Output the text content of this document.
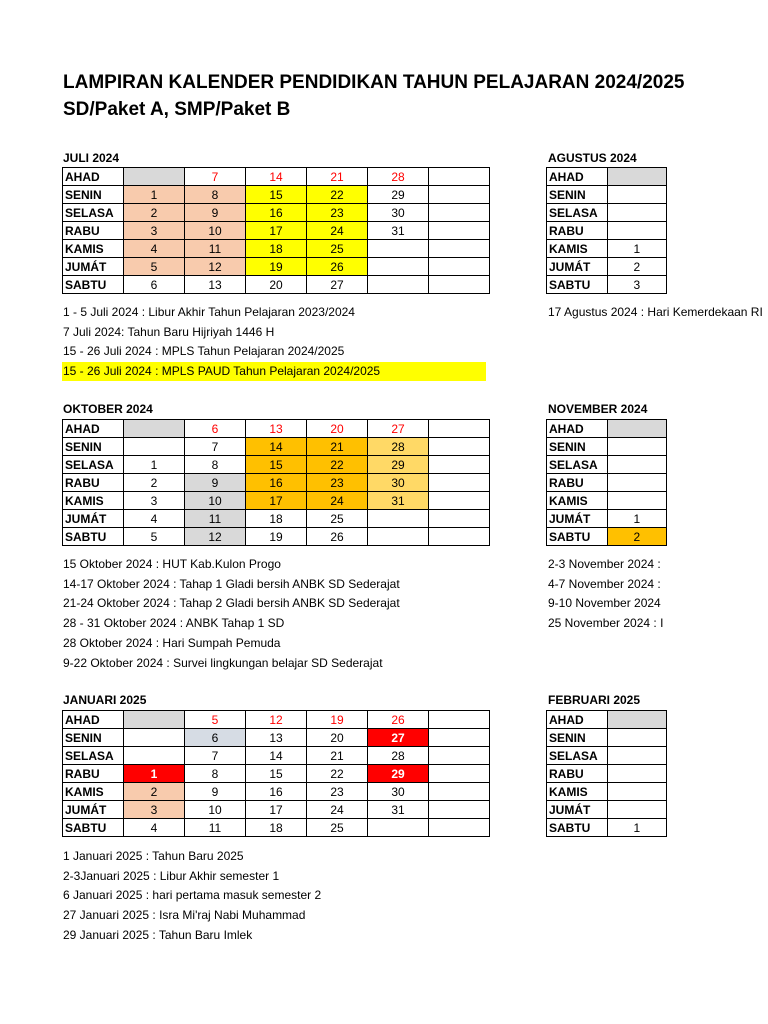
LAMPIRAN KALENDER PENDIDIKAN TAHUN PELAJARAN 2024/2025
SD/Paket A, SMP/Paket B
JULI 2024
AHAD		7	14	21	28	
SENIN	1	8	15	22	29	
SELASA	2	9	16	23	30	
RABU	3	10	17	24	31	
KAMIS	4	11	18	25		
JUMÁT	5	12	19	26		
SABTU	6	13	20	27		
1 - 5 Juli 2024 : Libur Akhir Tahun Pelajaran 2023/2024
7 Juli 2024: Tahun Baru Hijriyah 1446 H
15 - 26 Juli 2024 : MPLS Tahun Pelajaran 2024/2025
15 - 26 Juli 2024 : MPLS PAUD Tahun Pelajaran 2024/2025
AGUSTUS 2024
AHAD	
SENIN	
SELASA	
RABU	
KAMIS	1
JUMÁT	2
SABTU	3
17 Agustus 2024 : Hari Kemerdekaan RI
OKTOBER 2024
AHAD		6	13	20	27	
SENIN		7	14	21	28	
SELASA	1	8	15	22	29	
RABU	2	9	16	23	30	
KAMIS	3	10	17	24	31	
JUMÁT	4	11	18	25		
SABTU	5	12	19	26		
15 Oktober 2024 : HUT Kab.Kulon Progo
14-17 Oktober 2024 : Tahap 1 Gladi bersih ANBK SD Sederajat
21-24 Oktober 2024 : Tahap 2 Gladi bersih ANBK SD Sederajat
28 - 31 Oktober 2024 : ANBK Tahap 1 SD
28 Oktober 2024 : Hari Sumpah Pemuda
9-22 Oktober 2024 : Survei lingkungan belajar SD Sederajat
NOVEMBER 2024
AHAD	
SENIN	
SELASA	
RABU	
KAMIS	
JUMÁT	1
SABTU	2
2-3 November 2024 :
4-7 November 2024 :
9-10 November 2024
25 November 2024 : I
JANUARI 2025
AHAD		5	12	19	26	
SENIN		6	13	20	27	
SELASA		7	14	21	28	
RABU	1	8	15	22	29	
KAMIS	2	9	16	23	30	
JUMÁT	3	10	17	24	31	
SABTU	4	11	18	25		
1 Januari 2025 : Tahun Baru 2025
2-3Januari 2025 : Libur Akhir semester 1
6 Januari 2025 : hari pertama masuk semester 2
27 Januari 2025 : Isra Mi'raj Nabi Muhammad
29 Januari 2025 : Tahun Baru Imlek
FEBRUARI 2025
AHAD	
SENIN	
SELASA	
RABU	
KAMIS	
JUMÁT	
SABTU	1
